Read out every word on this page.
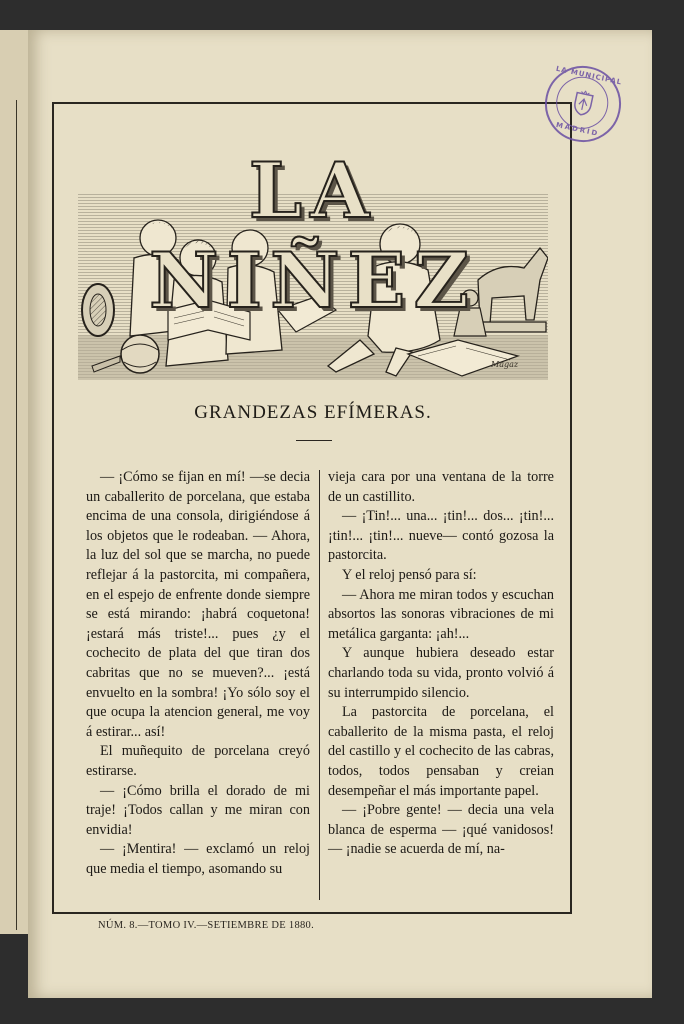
LA MUNICIPAL
MADRID
LA NIÑEZ
Magaz
GRANDEZAS EFÍMERAS.

— ¡Cómo se fijan en mí! —se decia un caballerito de porcelana, que estaba encima de una consola, dirigiéndose á los objetos que le rodeaban. — Ahora, la luz del sol que se marcha, no puede reflejar á la pastorcita, mi compañera, en el espejo de enfrente donde siempre se está mirando: ¡habrá coquetona! ¡estará más triste!... pues ¿y el cochecito de plata del que tiran dos cabritas que no se mueven?... ¡está envuelto en la sombra! ¡Yo sólo soy el que ocupa la atencion general, me voy á estirar... así!

El muñequito de porcelana creyó estirarse.

— ¡Cómo brilla el dorado de mi traje! ¡Todos callan y me miran con envidia!

— ¡Mentira! — exclamó un reloj que media el tiempo, asomando su

vieja cara por una ventana de la torre de un castillito.

— ¡Tin!... una... ¡tin!... dos... ¡tin!... ¡tin!... ¡tin!... nueve— contó gozosa la pastorcita.

Y el reloj pensó para sí:

— Ahora me miran todos y escuchan absortos las sonoras vibraciones de mi metálica garganta: ¡ah!...

Y aunque hubiera deseado estar charlando toda su vida, pronto volvió á su interrumpido silencio.

La pastorcita de porcelana, el caballerito de la misma pasta, el reloj del castillo y el cochecito de las cabras, todos, todos pensaban y creian desempeñar el más importante papel.

— ¡Pobre gente! — decia una vela blanca de esperma — ¡qué vanidosos! — ¡nadie se acuerda de mí, na-

NÚM. 8.—TOMO IV.—SETIEMBRE DE 1880.
